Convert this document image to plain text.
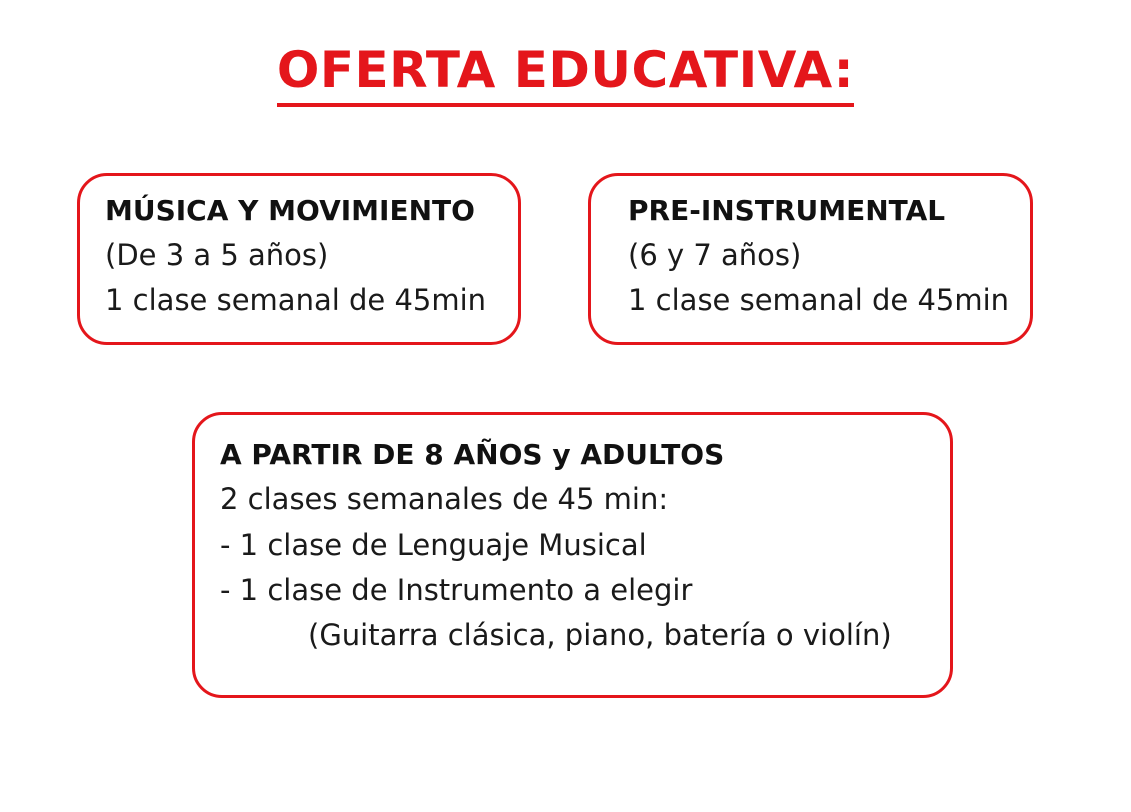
OFERTA EDUCATIVA:
MÚSICA Y MOVIMIENTO
(De 3 a 5 años)
1 clase semanal de 45min
PRE-INSTRUMENTAL
(6 y 7 años)
1 clase semanal de 45min
A PARTIR DE 8 AÑOS y ADULTOS
2 clases semanales de 45 min:
- 1 clase de Lenguaje Musical
- 1 clase de Instrumento a elegir
(Guitarra clásica, piano, batería o violín)
